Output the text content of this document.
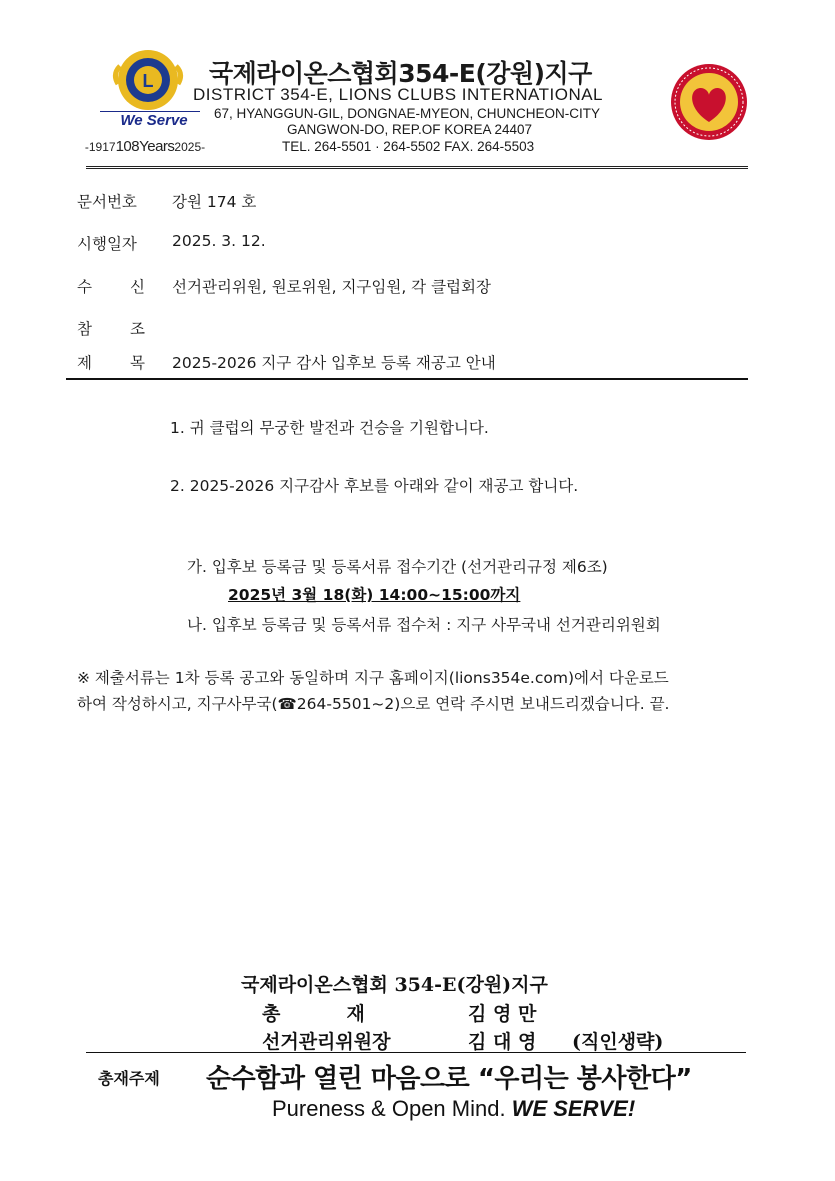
L
We Serve
-1917108Years2025-
국제라이온스협회354-E(강원)지구
DISTRICT 354-E, LIONS CLUBS INTERNATIONAL
67, HYANGGUN-GIL, DONGNAE-MYEON, CHUNCHEON-CITY
GANGWON-DO, REP.OF KOREA 24407
TEL. 264-5501 · 264-5502 FAX. 264-5503
문서번호 강원 174 호
시행일자 2025. 3. 12.
수 신 선거관리위원, 원로위원, 지구임원, 각 클럽회장
참 조
제 목 2025-2026 지구 감사 입후보 등록 재공고 안내
1. 귀 클럽의 무궁한 발전과 건승을 기원합니다.
2. 2025-2026 지구감사 후보를 아래와 같이 재공고 합니다.
가. 입후보 등록금 및 등록서류 접수기간 (선거관리규정 제6조)
2025년 3월 18(화) 14:00~15:00까지
나. 입후보 등록금 및 등록서류 접수처 : 지구 사무국내 선거관리위원회
※ 제출서류는 1차 등록 공고와 동일하며 지구 홈페이지(lions354e.com)에서 다운로드
하여 작성하시고, 지구사무국(☎264-5501~2)으로 연락 주시면 보내드리겠습니다. 끝.
국제라이온스협회 354-E(강원)지구
총          재	김 영 만
선거관리위원장	김 대 영 (직인생략)
총재주제 순수함과 열린 마음으로 “우리는 봉사한다”
Pureness & Open Mind. WE SERVE!
